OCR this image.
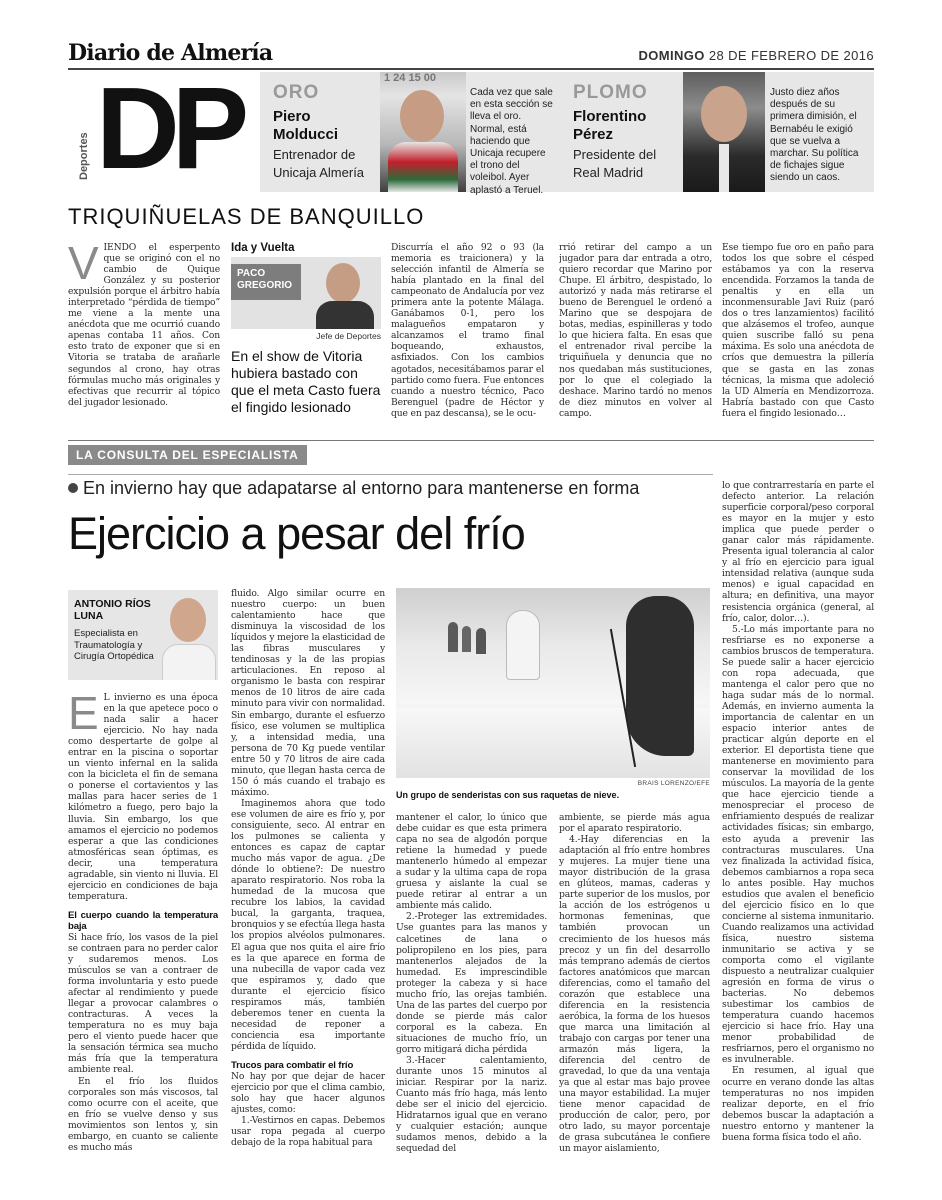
Diario de Almería	DOMINGO 28 DE FEBRERO DE 2016
Deportes DP ORO
Piero
Molducci
Entrenador de
Unicaja Almería
1 24 15 00
Cada vez que sale en esta sección se lleva el oro. Normal, está haciendo que Unicaja recupere el trono del voleibol. Ayer aplastó a Teruel.
PLOMO
Florentino
Pérez
Presidente del
Real Madrid
Justo diez años después de su primera dimisión, el Bernabéu le exigió que se vuelva a marchar. Su política de fichajes sigue siendo un caos.
TRIQUIÑUELAS DE BANQUILLO
V IENDO el esperpento que se originó con el no cambio de Quique González y su posterior expulsión porque el árbitro había interpretado “pérdida de tiempo” me viene a la mente una anécdota que me ocurrió cuando apenas contaba 11 años. Con esto trato de exponer que si en Vitoria se trataba de arañarle segundos al crono, hay otras fórmulas mucho más originales y efectivas que recurrir al tópico del jugador lesionado.

Ida y Vuelta
PACO
GREGORIO
Jefe de Deportes
En el show de Vitoria hubiera bastado con que el meta Casto fuera el fingido lesionado

Discurría el año 92 o 93 (la memoria es traicionera) y la selección infantil de Almería se había plantado en la final del campeonato de Andalucía por vez primera ante la potente Málaga. Ganábamos 0-1, pero los malagueños empataron y alcanzamos el tramo final boqueando, exhaustos, asfixiados. Con los cambios agotados, necesitábamos parar el partido como fuera. Fue entonces cuando a nuestro técnico, Paco Berenguel (padre de Héctor y que en paz descansa), se le ocu-

rrió retirar del campo a un jugador para dar entrada a otro, quiero recordar que Marino por Chupe. El árbitro, despistado, lo autorizó y nada más retirarse el bueno de Berenguel le ordenó a Marino que se despojara de botas, medias, espinilleras y todo lo que hiciera falta. En esas que el entrenador rival percibe la triquiñuela y denuncia que no nos quedaban más sustituciones, por lo que el colegiado la deshace. Marino tardó no menos de diez minutos en volver al campo.

Ese tiempo fue oro en paño para todos los que sobre el césped estábamos ya con la reserva encendida. Forzamos la tanda de penaltis y en ella un inconmensurable Javi Ruiz (paró dos o tres lanzamientos) facilitó que alzásemos el trofeo, aunque quien suscribe falló su pena máxima. Es solo una anécdota de críos que demuestra la pillería que se gasta en las zonas técnicas, la misma que adoleció la UD Almería en Mendizorroza. Habría bastado con que Casto fuera el fingido lesionado…

LA CONSULTA DEL ESPECIALISTA
En invierno hay que adapatarse al entorno para mantenerse en forma
Ejercicio a pesar del frío
ANTONIO RÍOS LUNA
Especialista en Traumatología y Cirugía Ortopédica
E L invierno es una época en la que apetece poco o nada salir a hacer ejercicio. No hay nada como despertarte de golpe al entrar en la piscina o soportar un viento infernal en la salida con la bicicleta el fin de semana o ponerse el cortavientos y las mallas para hacer series de 1 kilómetro a fuego, pero bajo la lluvia. Sin embargo, los que amamos el ejercicio no podemos esperar a que las condiciones atmosféricas sean óptimas, es decir, una temperatura agradable, sin viento ni lluvia. El ejercicio en condiciones de baja temperatura.

El cuerpo cuando la temperatura baja

Si hace frío, los vasos de la piel se contraen para no perder calor y sudaremos menos. Los músculos se van a contraer de forma involuntaria y esto puede afectar al rendimiento y puede llegar a provocar calambres o contracturas. A veces la temperatura no es muy baja pero el viento puede hacer que la sensación térmica sea mucho más fría que la temperatura ambiente real.

En el frío los fluidos corporales son más viscosos, tal como ocurre con el aceite, que en frío se vuelve denso y sus movimientos son lentos y, sin embargo, en cuanto se caliente es mucho más

fluido. Algo similar ocurre en nuestro cuerpo: un buen calentamiento hace que disminuya la viscosidad de los líquidos y mejore la elasticidad de las fibras musculares y tendinosas y la de las propias articulaciones. En reposo al organismo le basta con respirar menos de 10 litros de aire cada minuto para vivir con normalidad. Sin embargo, durante el esfuerzo físico, ese volumen se multiplica y, a intensidad media, una persona de 70 Kg puede ventilar entre 50 y 70 litros de aire cada minuto, que llegan hasta cerca de 150 ó más cuando el trabajo es máximo.

Imaginemos ahora que todo ese volumen de aire es frío y, por consiguiente, seco. Al entrar en los pulmones se calienta y entonces es capaz de captar mucho más vapor de agua. ¿De dónde lo obtiene?: De nuestro aparato respiratorio. Nos roba la humedad de la mucosa que recubre los labios, la cavidad bucal, la garganta, traquea, bronquios y se efectúa llega hasta los propios alvéolos pulmonares. El agua que nos quita el aire frío es la que aparece en forma de una nubecilla de vapor cada vez que espiramos y, dado que durante el ejercicio físico respiramos más, también deberemos tener en cuenta la necesidad de reponer a conciencia esa importante pérdida de líquido.

Trucos para combatir el frío

No hay por que dejar de hacer ejercicio por que el clima cambio, solo hay que hacer algunos ajustes, como:

1.-Vestirnos en capas. Debemos usar ropa pegada al cuerpo debajo de la ropa habitual para

BRAIS LORENZO/EFE
Un grupo de senderistas con sus raquetas de nieve.

mantener el calor, lo único que debe cuidar es que esta primera capa no sea de algodón porque retiene la humedad y puede mantenerlo húmedo al empezar a sudar y la ultima capa de ropa gruesa y aislante la cual se puede retirar al entrar a un ambiente más calido.

2.-Proteger las extremidades. Use guantes para las manos y calcetines de lana o polipropileno en los pies, para mantenerlos alejados de la humedad. Es imprescindible proteger la cabeza y si hace mucho frío, las orejas también. Una de las partes del cuerpo por donde se pierde más calor corporal es la cabeza. En situaciones de mucho frío, un gorro mitigará dicha pérdida

3.-Hacer calentamiento, durante unos 15 minutos al iniciar. Respirar por la nariz. Cuanto más frío haga, más lento debe ser el inicio del ejercicio. Hidratarnos igual que en verano y cualquier estación; aunque sudamos menos, debido a la sequedad del

ambiente, se pierde más agua por el aparato respiratorio.

4.-Hay diferencias en la adaptación al frío entre hombres y mujeres. La mujer tiene una mayor distribución de la grasa en glúteos, mamas, caderas y parte superior de los muslos, por la acción de los estrógenos u hormonas femeninas, que también provocan un crecimiento de los huesos más precoz y un fin del desarrollo más temprano además de ciertos factores anatómicos que marcan diferencias, como el tamaño del corazón que establece una diferencia en la resistencia aeróbica, la forma de los huesos que marca una limitación al trabajo con cargas por tener una armazón más ligera, la diferencia del centro de gravedad, lo que da una ventaja ya que al estar mas bajo provee una mayor estabilidad. La mujer tiene menor capacidad de producción de calor, pero, por otro lado, su mayor porcentaje de grasa subcutánea le confiere un mayor aislamiento,

lo que contrarrestaría en parte el defecto anterior. La relación superficie corporal/peso corporal es mayor en la mujer y esto implica que puede perder o ganar calor más rápidamente. Presenta igual tolerancia al calor y al frío en ejercicio para igual intensidad relativa (aunque suda menos) e igual capacidad en altura; en definitiva, una mayor resistencia orgánica (general, al frío, calor, dolor…).

5.-Lo más importante para no resfriarse es no exponerse a cambios bruscos de temperatura. Se puede salir a hacer ejercicio con ropa adecuada, que mantenga el calor pero que no haga sudar más de lo normal. Además, en invierno aumenta la importancia de calentar en un espacio interior antes de practicar algún deporte en el exterior. El deportista tiene que mantenerse en movimiento para conservar la movilidad de los músculos. La mayoría de la gente que hace ejercicio tiende a menospreciar el proceso de enfriamiento después de realizar actividades físicas; sin embargo, esto ayuda a prevenir las contracturas musculares. Una vez finalizada la actividad física, debemos cambiarnos a ropa seca lo antes posible. Hay muchos estudios que avalen el beneficio del ejercicio físico en lo que concierne al sistema inmunitario. Cuando realizamos una actividad física, nuestro sistema inmunitario se activa y se comporta como el vigilante dispuesto a neutralizar cualquier agresión en forma de virus o bacterias. No debemos subestimar los cambios de temperatura cuando hacemos ejercicio si hace frío. Hay una menor probabilidad de resfriarnos, pero el organismo no es invulnerable.

En resumen, al igual que ocurre en verano donde las altas temperaturas no nos impiden realizar deporte, en el frío debemos buscar la adaptación a nuestro entorno y mantener la buena forma física todo el año.
